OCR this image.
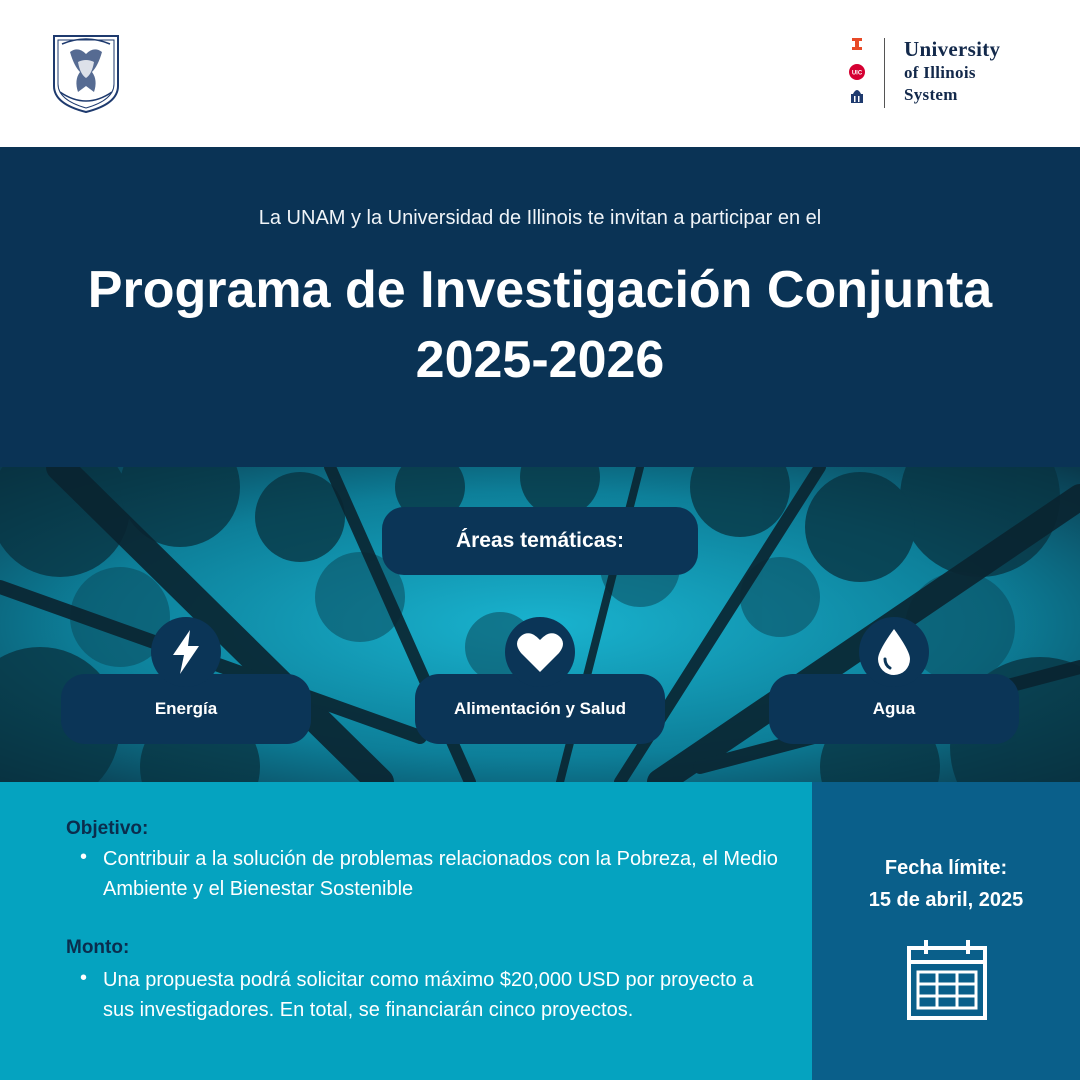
UIC
University
of Illinois
System
La UNAM y la Universidad de Illinois te invitan a participar en el
Programa de Investigación Conjunta
2025-2026
Áreas temáticas:
Energía	Alimentación y Salud	Agua
Objetivo:
• Contribuir a la solución de problemas relacionados con la Pobreza, el Medio Ambiente y el Bienestar Sostenible
Monto:
• Una propuesta podrá solicitar como máximo $20,000 USD por proyecto a sus investigadores. En total, se financiarán cinco proyectos.
Fecha límite:
15 de abril, 2025
